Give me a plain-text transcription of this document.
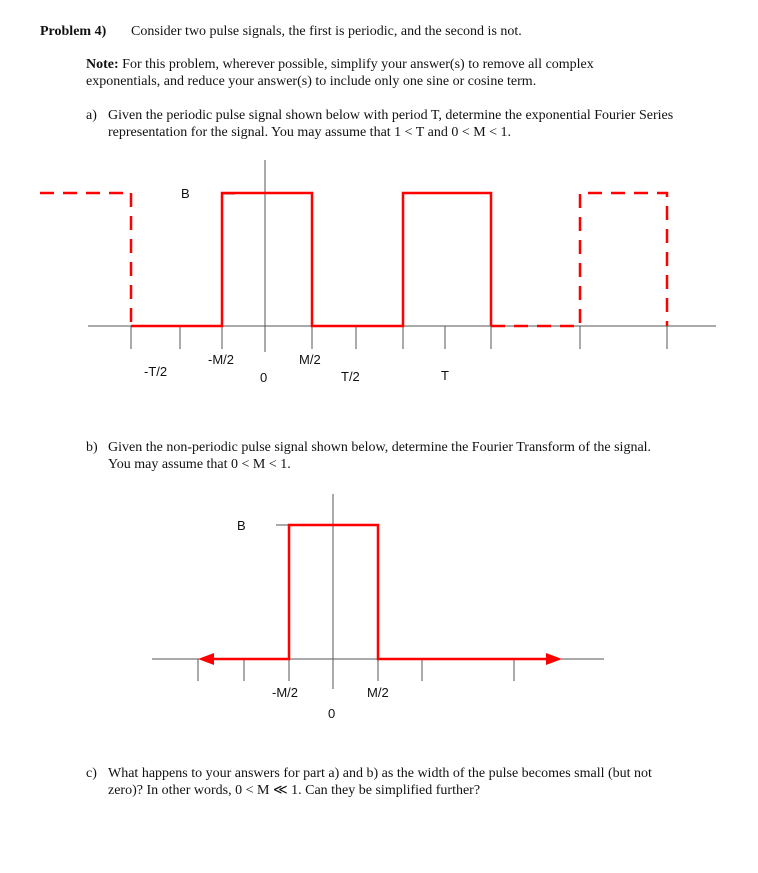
Problem 4) Consider two pulse signals, the first is periodic, and the second is not.
Note: For this problem, wherever possible, simplify your answer(s) to remove all complex
exponentials, and reduce your answer(s) to include only one sine or cosine term.
a) Given the periodic pulse signal shown below with period T, determine the exponential Fourier Series
representation for the signal. You may assume that 1 < T and 0 < M < 1.
B
-T/2
-M/2
0
M/2
T/2	T
b) Given the non-periodic pulse signal shown below, determine the Fourier Transform of the signal.
You may assume that 0 < M < 1.
B
-M/2
0
M/2
c) What happens to your answers for part a) and b) as the width of the pulse becomes small (but not
zero)? In other words, 0 < M ≪ 1. Can they be simplified further?
